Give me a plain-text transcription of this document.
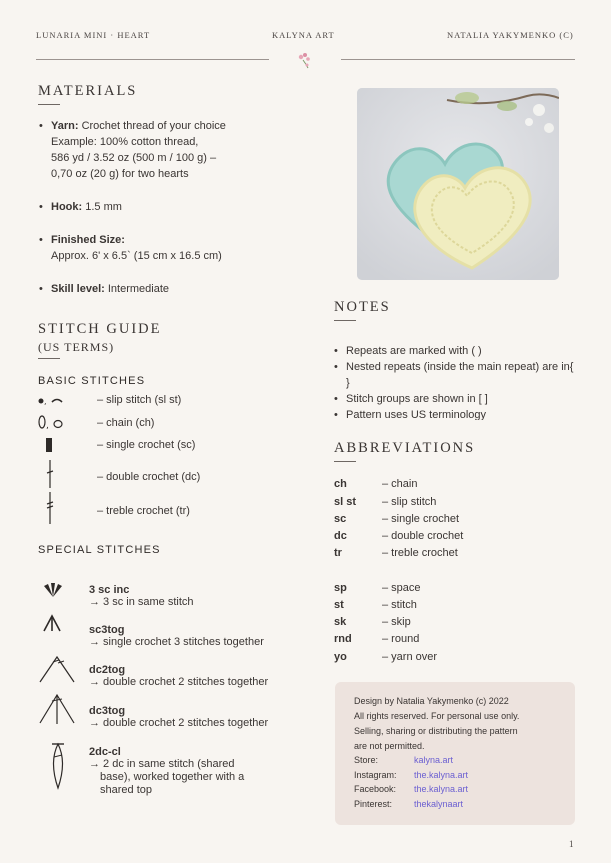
LUNARIA MINI · HEART	KALYNA ART	NATALIA YAKYMENKO (C)
MATERIALS
• Yarn: Crochet thread of your choice
Example: 100% cotton thread,
586 yd / 3.52 oz (500 m / 100 g) –
0,70 oz (20 g) for two hearts
• Hook: 1.5 mm
• Finished Size:
Approx. 6' x 6.5` (15 cm x 16.5 cm)
• Skill level: Intermediate
STITCH GUIDE
(US TERMS)
BASIC STITCHES
,	– slip stitch (sl st)
,	– chain (ch)
– single crochet (sc)
– double crochet (dc)
– treble crochet (tr)
SPECIAL STITCHES
3 sc inc
→ 3 sc in same stitch
sc3tog
→ single crochet 3 stitches together
dc2tog
→ double crochet 2 stitches together
dc3tog
→ double crochet 2 stitches together
2dc-cl
→ 2 dc in same stitch (shared
base), worked together with a
shared top
NOTES
• Repeats are marked with ( )
• Nested repeats (inside the main repeat) are in{ }
• Stitch groups are shown in [ ]
• Pattern uses US terminology
ABBREVIATIONS
ch	– chain
sl st	– slip stitch
sc	– single crochet
dc	– double crochet
tr	– treble crochet
sp	– space
st	– stitch
sk	– skip
rnd	– round
yo	– yarn over
Design by Natalia Yakymenko (c) 2022
All rights reserved. For personal use only.
Selling, sharing or distributing the pattern
are not permitted.
Store:	kalyna.art
Instagram: the.kalyna.art
Facebook: the.kalyna.art
Pinterest: thekalynaart
1
